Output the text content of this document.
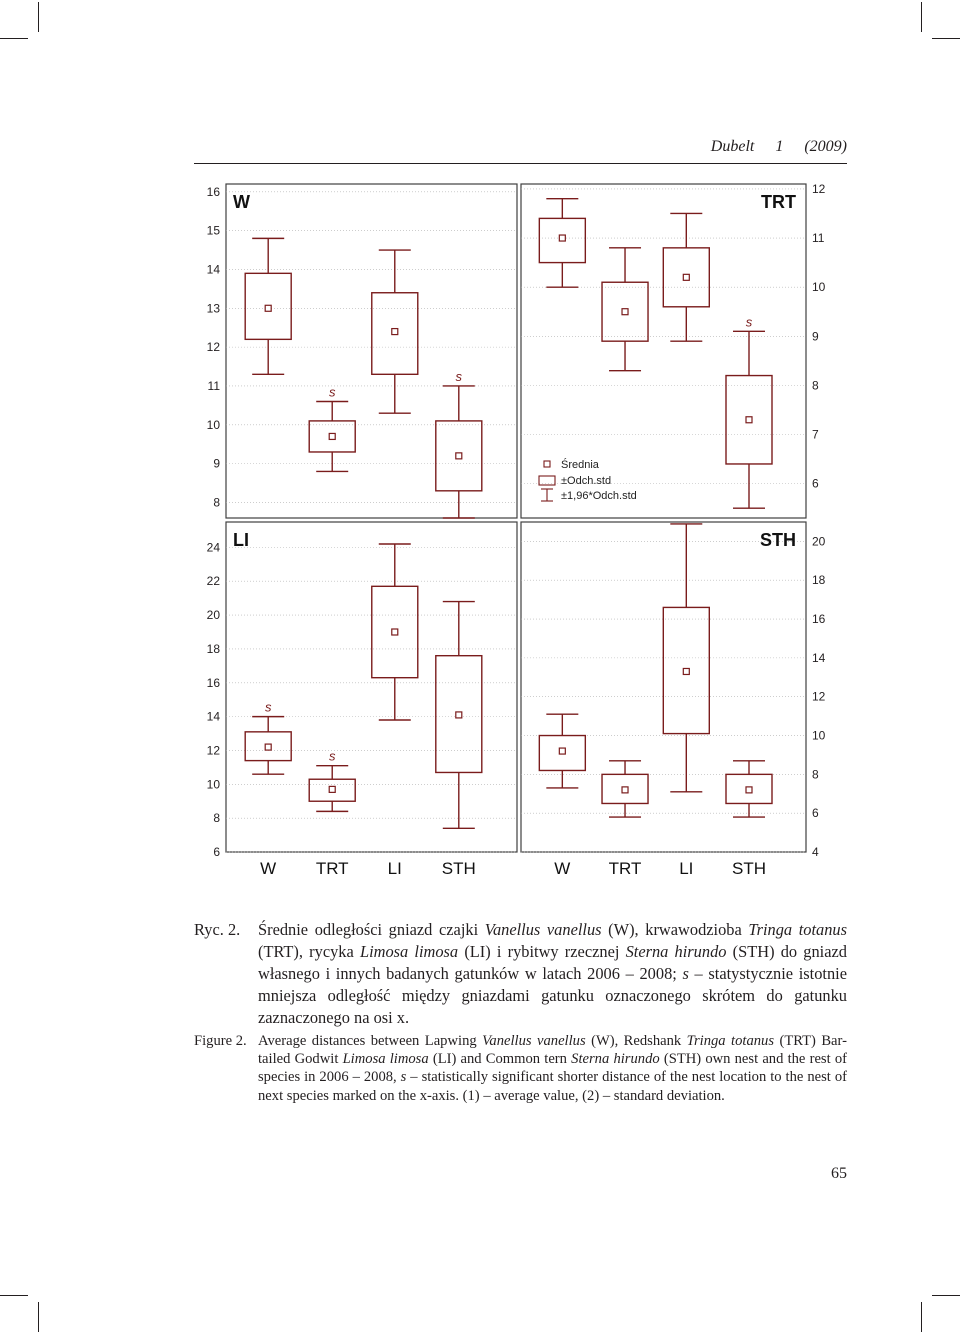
Dubelt 1 (2009)
8
9
10
11
12
13
14
15
16
W
s
s
6
7
8
9
10
11
12
TRT
s
6
8
10
12
14
16
18
20
22
24 LI
s
s
W TRT LI STH
4
6
8
10
12
14
16
18
20
STH
W TRT LI STH
Średnia
±Odch.std
±1,96*Odch.std
Ryc. 2. Średnie odległości gniazd czajki Vanellus vanellus (W), krwawodzioba Tringa totanus (TRT), rycyka Limosa limosa (LI) i rybitwy rzecznej Sterna hirundo (STH) do gniazd własnego i innych badanych gatunków w latach 2006 – 2008; s – statystycznie istotnie mniejsza odległość między gniazdami gatunku oznaczonego skrótem do gatunku zaznaczonego na osi x.
Figure 2. Average distances between Lapwing Vanellus vanellus (W), Redshank Tringa totanus (TRT) Bar-tailed Godwit Limosa limosa (LI) and Common tern Sterna hirundo (STH) own nest and the rest of species in 2006 – 2008, s – statistically significant shorter distance of the nest location to the nest of next species marked on the x-axis. (1) – average value, (2) – standard deviation.
65
